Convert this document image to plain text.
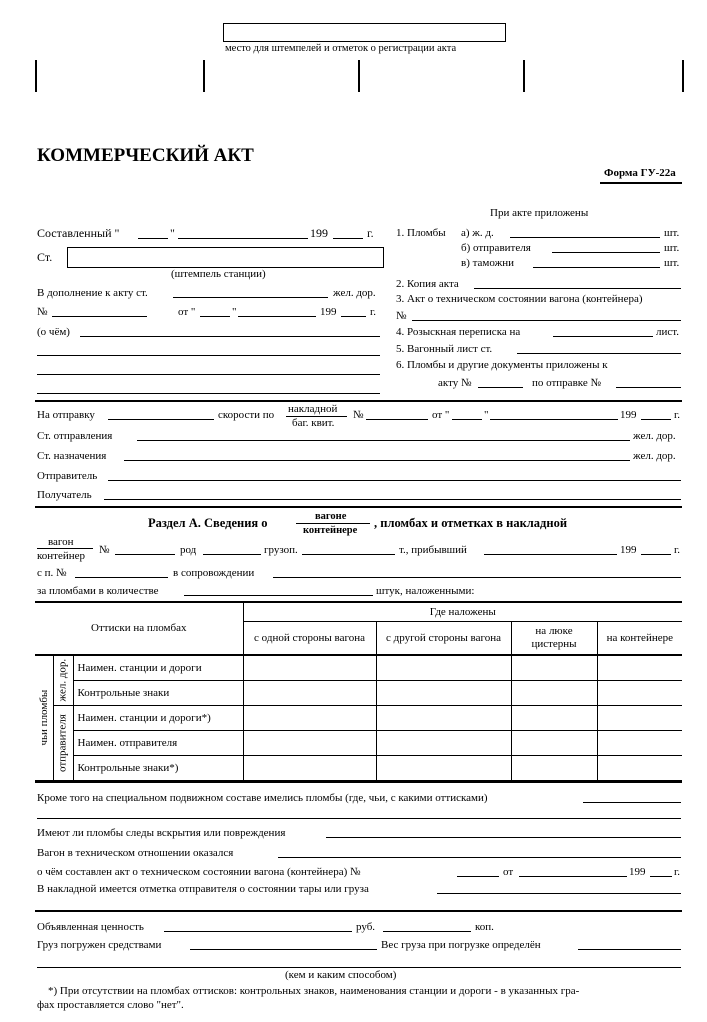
место для штемпелей и отметок о регистрации акта
КОММЕРЧЕСКИЙ АКТ
Форма ГУ-22а
Составленный "	"	199	г.
Ст.
(штемпель станции)
В дополнение к акту ст.	жел. дор.
№	от "	"	199	г.
(о чём)
При акте приложены
1. Пломбы а) ж. д.	шт.
б) отправителя	шт.
в) таможни	шт.
2. Копия акта
3. Акт о техническом состоянии вагона (контейнера)
№
4. Розыскная переписка на	лист.
5. Вагонный лист ст.
6. Пломбы и другие документы приложены к
акту №	по отправке №
На отправку	скорости по накладной
баг. квит.
№	от "	"	199	г.
Ст. отправления	жел. дор.
Ст. назначения	жел. дор.
Отправитель
Получатель
Раздел А. Сведения о	вагоне
контейнере
, пломбах и отметках в накладной
вагон
контейнер №	род	грузоп.	т., прибывший	199	г.
с п. №	в сопровождении
за пломбами в количестве	штук, наложенными:
Оттиски на пломбах			Где наложены			
			с одной стороны вагона	с другой стороны вагона	на люке цистерны	на контейнере
чьи пломбы	жел. дор.	Наимен. станции и дороги				
		Контрольные знаки				
	отправителя	Наимен. станции и дороги*)				
		Наимен. отправителя				
		Контрольные знаки*)				
Кроме того на специальном подвижном составе имелись пломбы (где, чьи, с какими оттисками)
Имеют ли пломбы следы вскрытия или повреждения
Вагон в техническом отношении оказался
о чём составлен акт о техническом состоянии вагона (контейнера) №	от	199	г.
В накладной имеется отметка отправителя о состоянии тары или груза
Объявленная ценность	руб.	коп.
Груз погружен средствами	Вес груза при погрузке определён
(кем и каким способом)
*) При отсутствии на пломбах оттисков: контрольных знаков, наименования станции и дороги - в указанных гра-
фах проставляется слово "нет".
